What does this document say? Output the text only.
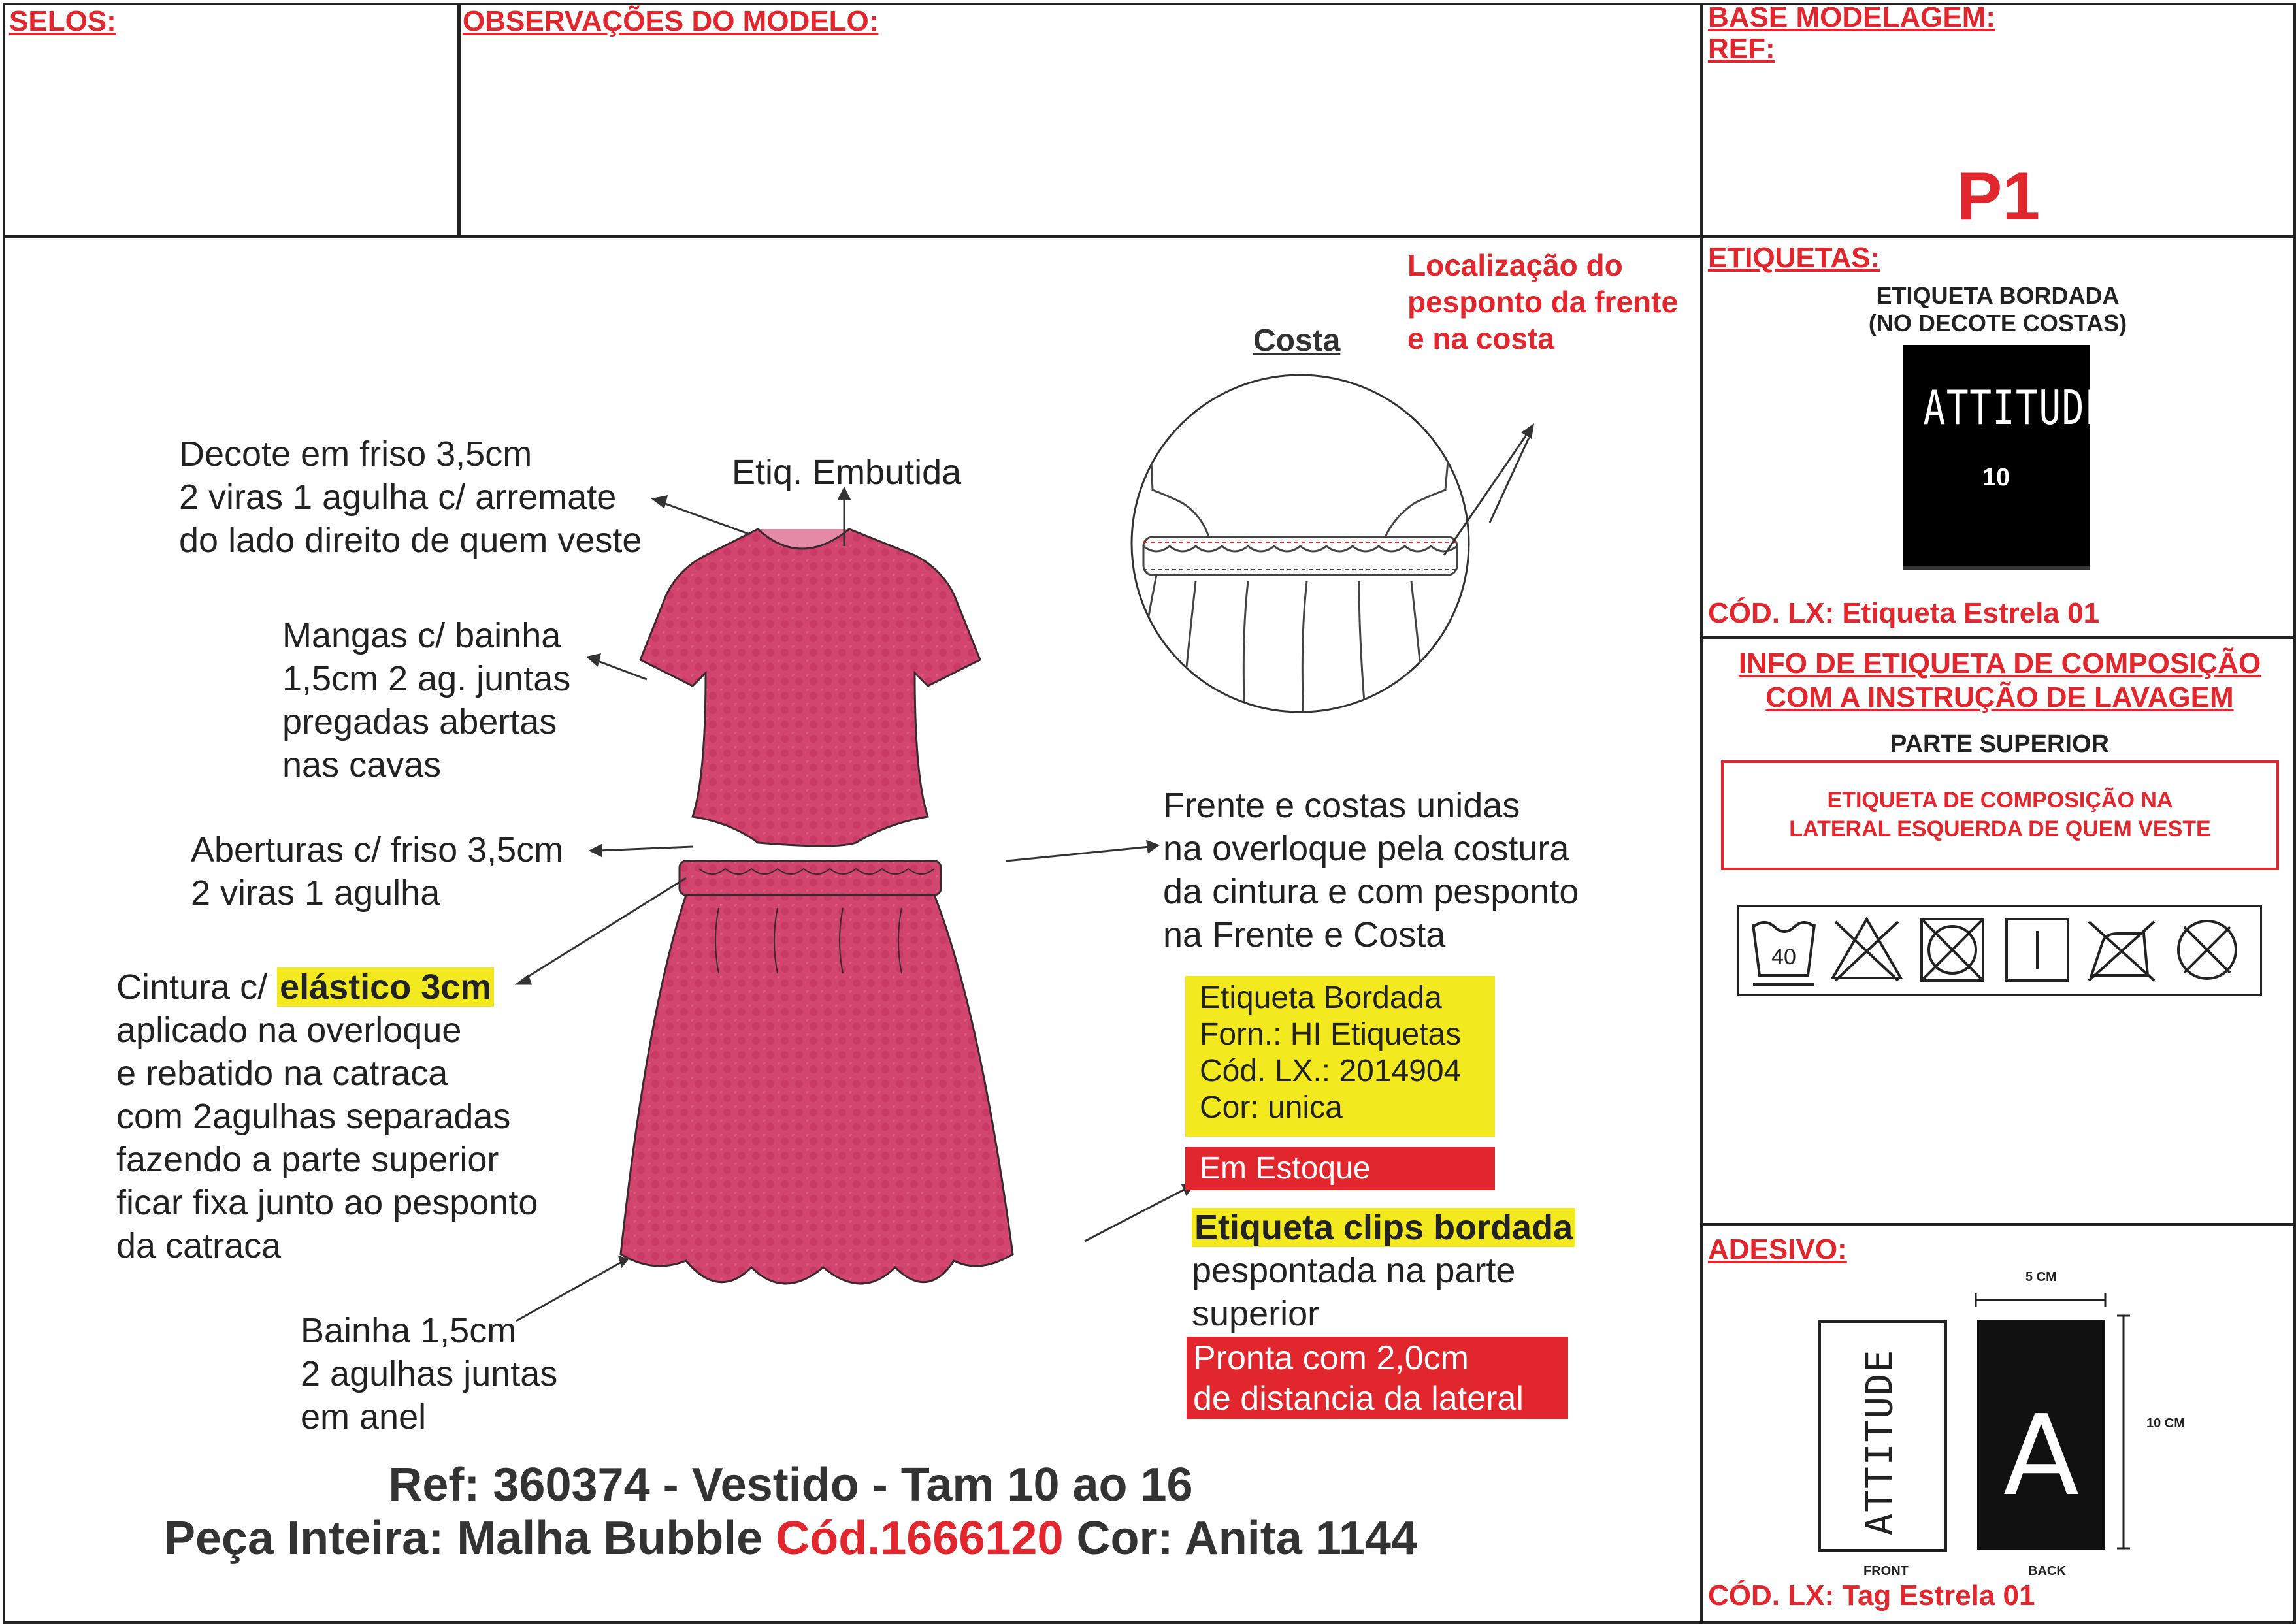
SELOS:	OBSERVAÇÕES DO MODELO:	BASE MODELAGEM:
REF:
P1
ETIQUETAS:
ETIQUETA BORDADA
(NO DECOTE COSTAS)
ATTITUDE
10
CÓD. LX: Etiqueta Estrela 01
INFO DE ETIQUETA DE COMPOSIÇÃO
COM A INSTRUÇÃO DE LAVAGEM
PARTE SUPERIOR
ETIQUETA DE COMPOSIÇÃO NA
LATERAL ESQUERDA DE QUEM VESTE
40
ADESIVO:
5 CM
10 CM
ATTITUDE A
FRONT	BACK
CÓD. LX: Tag Estrela 01
Costa
Localização do
pesponto da frente
e na costa
Decote em friso 3,5cm
2 viras 1 agulha c/ arremate
do lado direito de quem veste
Etiq. Embutida
Mangas c/ bainha
1,5cm 2 ag. juntas
pregadas abertas
nas cavas
Aberturas c/ friso 3,5cm
2 viras 1 agulha
Cintura c/ elástico 3cm
aplicado na overloque
e rebatido na catraca
com 2agulhas separadas
fazendo a parte superior
ficar fixa junto ao pesponto
da catraca
Bainha 1,5cm
2 agulhas juntas
em anel
Frente e costas unidas
na overloque pela costura
da cintura e com pesponto
na Frente e Costa
Etiqueta Bordada
Forn.: HI Etiquetas
Cód. LX.: 2014904
Cor: unica
Em Estoque
Etiqueta clips bordada
pespontada na parte
superior
Pronta com 2,0cm
de distancia da lateral
Ref: 360374 - Vestido - Tam 10 ao 16
Peça Inteira: Malha Bubble Cód.1666120 Cor: Anita 1144
